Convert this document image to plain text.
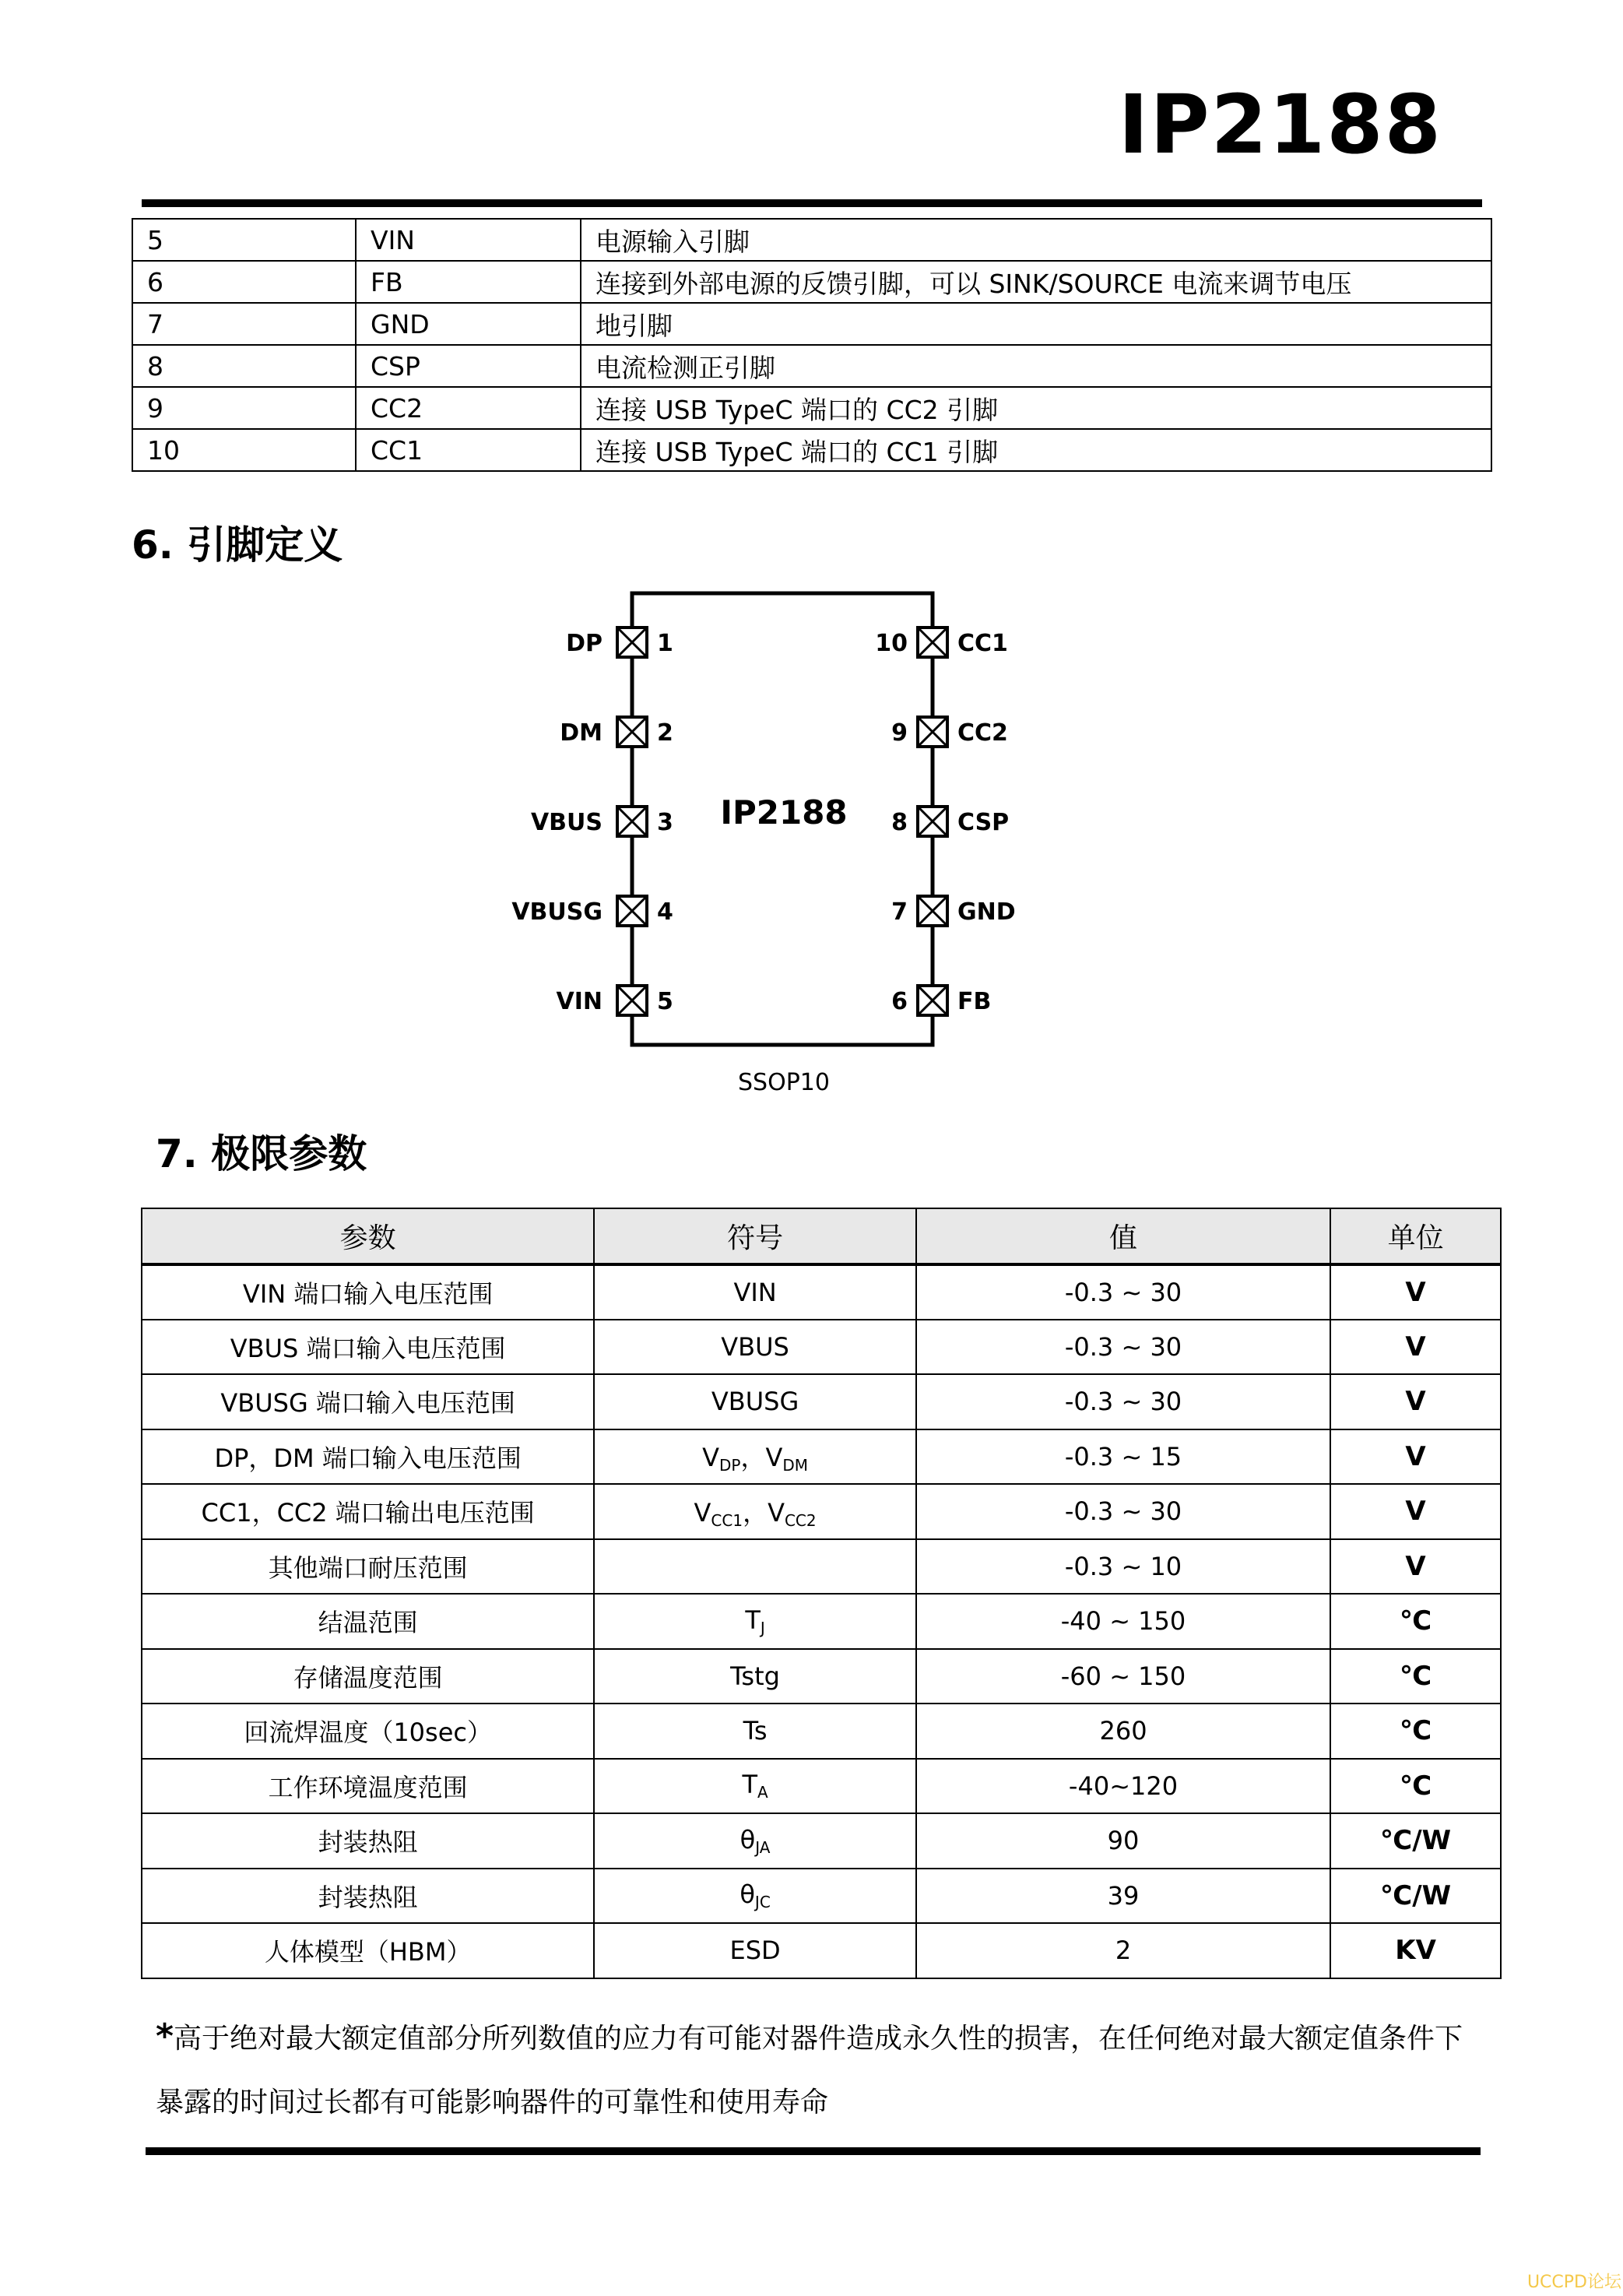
IP2188
5	VIN	电源输入引脚
6	FB	连接到外部电源的反馈引脚，可以 SINK/SOURCE 电流来调节电压
7	GND	地引脚
8	CSP	电流检测正引脚
9	CC2	连接 USB TypeC 端口的 CC2 引脚
10	CC1	连接 USB TypeC 端口的 CC1 引脚
6. 引脚定义
IP2188
SSOP10
DP 1
DM 2
VBUS 3
VBUSG 4
VIN 5
10 CC1
9 CC2
8 CSP
7 GND
6 FB
7. 极限参数
参数	符号	值	单位
VIN 端口输入电压范围	VIN	-0.3 ~ 30	V
VBUS 端口输入电压范围	VBUS	-0.3 ~ 30	V
VBUSG 端口输入电压范围	VBUSG	-0.3 ~ 30	V
DP，DM 端口输入电压范围	$V_{DP}$，$V_{DM}$	-0.3 ~ 15	V
CC1，CC2 端口输出电压范围	$V_{CC1}$，$V_{CC2}$	-0.3 ~ 30	V
其他端口耐压范围		-0.3 ~ 10	V
结温范围	$T_J$	-40 ~ 150	℃
存储温度范围	Tstg	-60 ~ 150	℃
回流焊温度（10sec）	Ts	260	℃
工作环境温度范围	$T_A$	-40~120	℃
封装热阻	$\theta_{JA}$	90	℃/W
封装热阻	$\theta_{JC}$	39	℃/W
人体模型（HBM）	ESD	2	KV
*高于绝对最大额定值部分所列数值的应力有可能对器件造成永久性的损害，在任何绝对最大额定值条件下
暴露的时间过长都有可能影响器件的可靠性和使用寿命
UCCPD论坛
